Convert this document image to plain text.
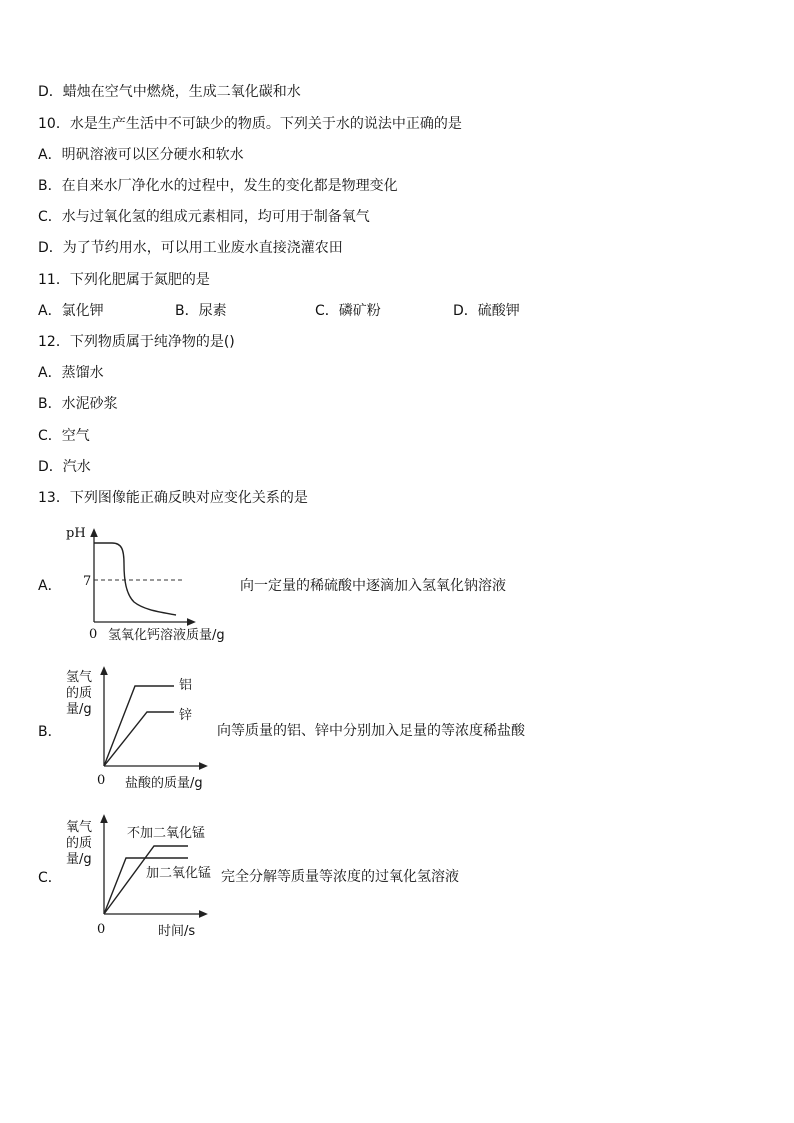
D．蜡烛在空气中燃烧，生成二氧化碳和水
10．水是生产生活中不可缺少的物质。下列关于水的说法中正确的是
A．明矾溶液可以区分硬水和软水
B．在自来水厂净化水的过程中，发生的变化都是物理变化
C．水与过氧化氢的组成元素相同，均可用于制备氧气
D．为了节约用水，可以用工业废水直接浇灌农田
11．下列化肥属于氮肥的是
A．氯化钾	B．尿素	C．磷矿粉	D．硫酸钾
12．下列物质属于纯净物的是()
A．蒸馏水
B．水泥砂浆
C．空气
D．汽水
13．下列图像能正确反映对应变化关系的是
A．
pH
7
0 氢氧化钙溶液质量/g
向一定量的稀硫酸中逐滴加入氢氧化钠溶液
B．
氢气
的质
量/g
0 盐酸的质量/g
铝
锌
向等质量的铝、锌中分别加入足量的等浓度稀盐酸
C．
氧气
的质
量/g
0	时间/s
不加二氧化锰
加二氧化锰 完全分解等质量等浓度的过氧化氢溶液
